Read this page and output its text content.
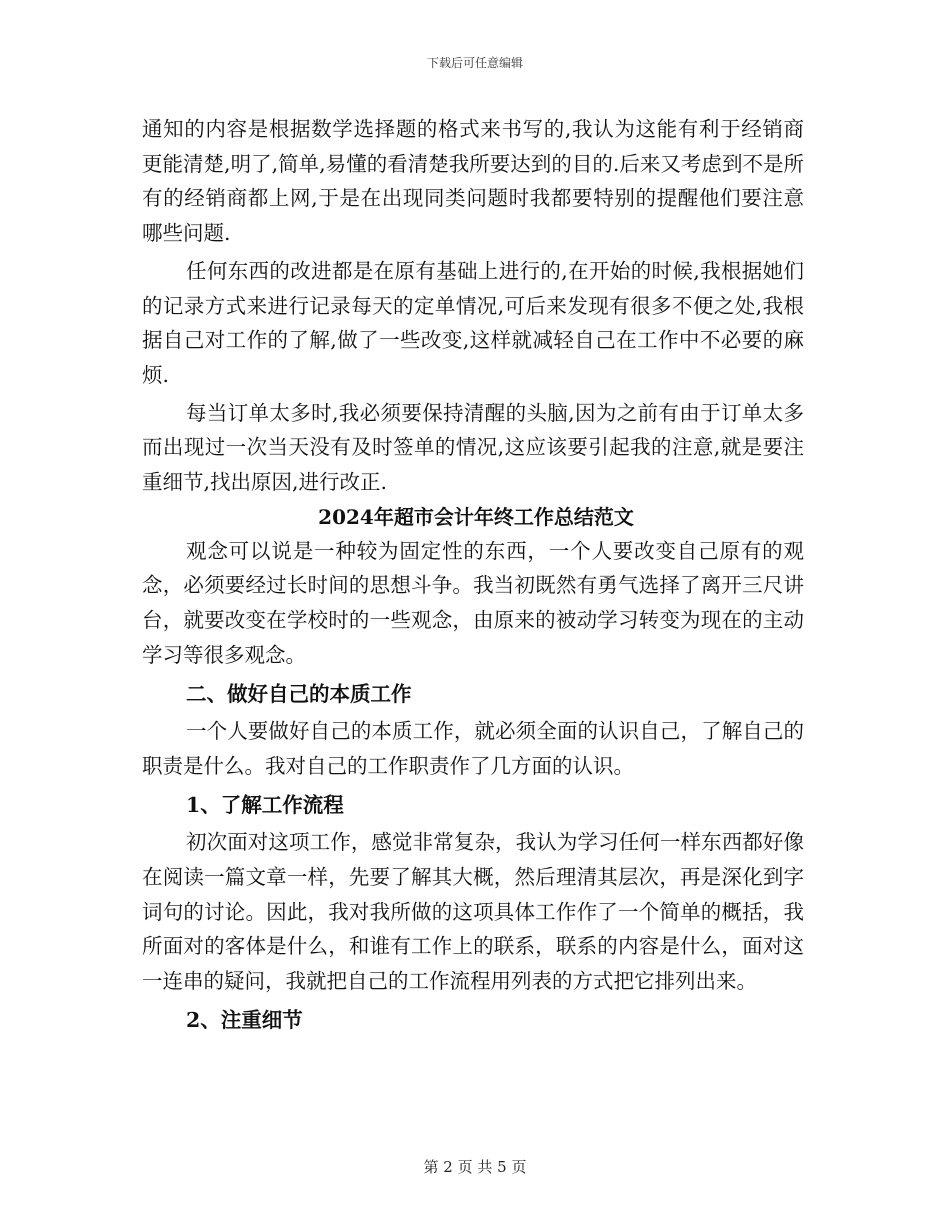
下载后可任意编辑

通知的内容是根据数学选择题的格式来书写的,我认为这能有利于经销商更能清楚,明了,简单,易懂的看清楚我所要达到的目的.后来又考虑到不是所有的经销商都上网,于是在出现同类问题时我都要特别的提醒他们要注意哪些问题.

任何东西的改进都是在原有基础上进行的,在开始的时候,我根据她们的记录方式来进行记录每天的定单情况,可后来发现有很多不便之处,我根据自己对工作的了解,做了一些改变,这样就减轻自己在工作中不必要的麻烦.

每当订单太多时,我必须要保持清醒的头脑,因为之前有由于订单太多而出现过一次当天没有及时签单的情况,这应该要引起我的注意,就是要注重细节,找出原因,进行改正.

2024年超市会计年终工作总结范文

观念可以说是一种较为固定性的东西，一个人要改变自己原有的观念，必须要经过长时间的思想斗争。我当初既然有勇气选择了离开三尺讲台，就要改变在学校时的一些观念，由原来的被动学习转变为现在的主动学习等很多观念。

二、做好自己的本质工作

一个人要做好自己的本质工作，就必须全面的认识自己，了解自己的职责是什么。我对自己的工作职责作了几方面的认识。

1、了解工作流程

初次面对这项工作，感觉非常复杂，我认为学习任何一样东西都好像在阅读一篇文章一样，先要了解其大概，然后理清其层次，再是深化到字词句的讨论。因此，我对我所做的这项具体工作作了一个简单的概括，我所面对的客体是什么，和谁有工作上的联系，联系的内容是什么，面对这一连串的疑问，我就把自己的工作流程用列表的方式把它排列出来。

2、注重细节

第 2 页 共 5 页
